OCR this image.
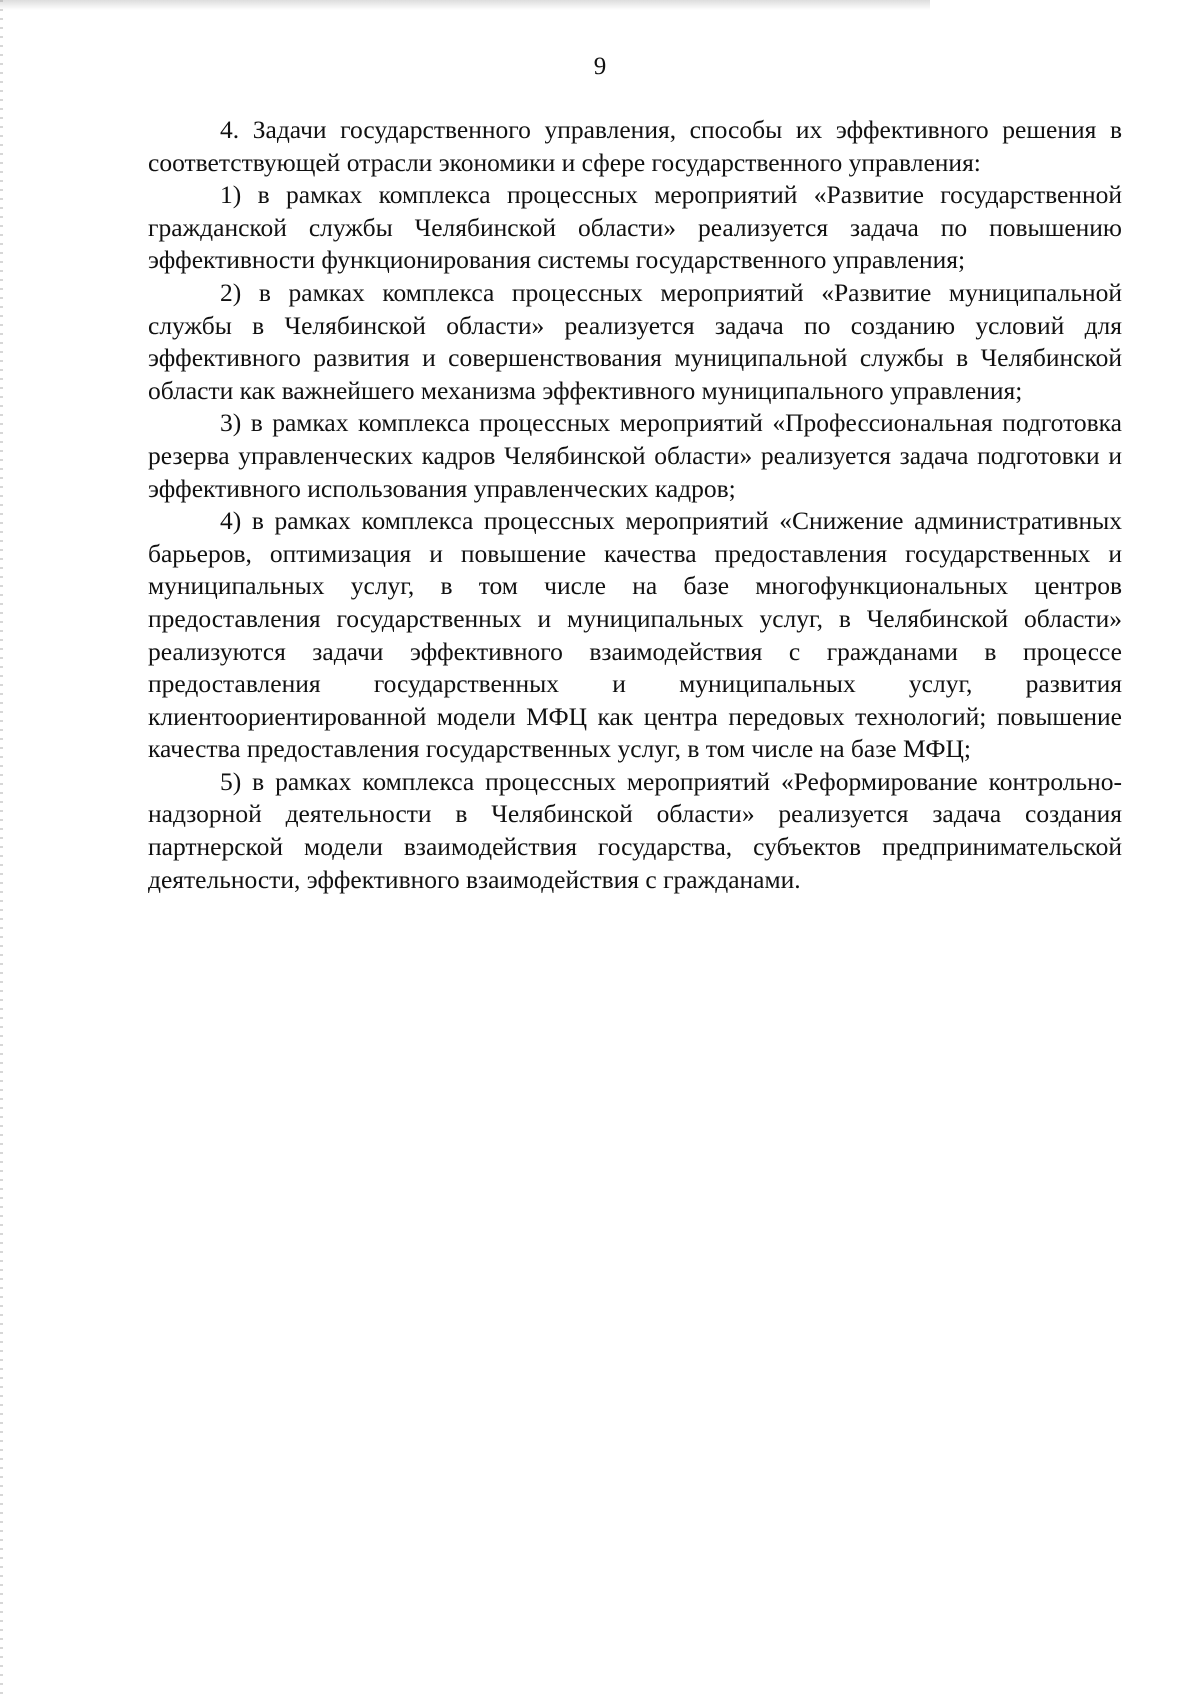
9

4. Задачи государственного управления, способы их эффективного решения в соответствующей отрасли экономики и сфере государственного управления:

1) в рамках комплекса процессных мероприятий «Развитие государственной гражданской службы Челябинской области» реализуется задача по повышению эффективности функционирования системы государственного управления;

2) в рамках комплекса процессных мероприятий «Развитие муниципальной службы в Челябинской области» реализуется задача по созданию условий для эффективного развития и совершенствования муниципальной службы в Челябинской области как важнейшего механизма эффективного муниципального управления;

3) в рамках комплекса процессных мероприятий «Профессиональная подготовка резерва управленческих кадров Челябинской области» реализуется задача подготовки и эффективного использования управленческих кадров;

4) в рамках комплекса процессных мероприятий «Снижение административных барьеров, оптимизация и повышение качества предоставления государственных и муниципальных услуг, в том числе на базе многофункциональных центров предоставления государственных и муниципальных услуг, в Челябинской области» реализуются задачи эффективного взаимодействия с гражданами в процессе предоставления государственных и муниципальных услуг, развития клиентоориентированной модели МФЦ как центра передовых технологий; повышение качества предоставления государственных услуг, в том числе на базе МФЦ;

5) в рамках комплекса процессных мероприятий «Реформирование контрольно-надзорной деятельности в Челябинской области» реализуется задача создания партнерской модели взаимодействия государства, субъектов предпринимательской деятельности, эффективного взаимодействия с гражданами.
